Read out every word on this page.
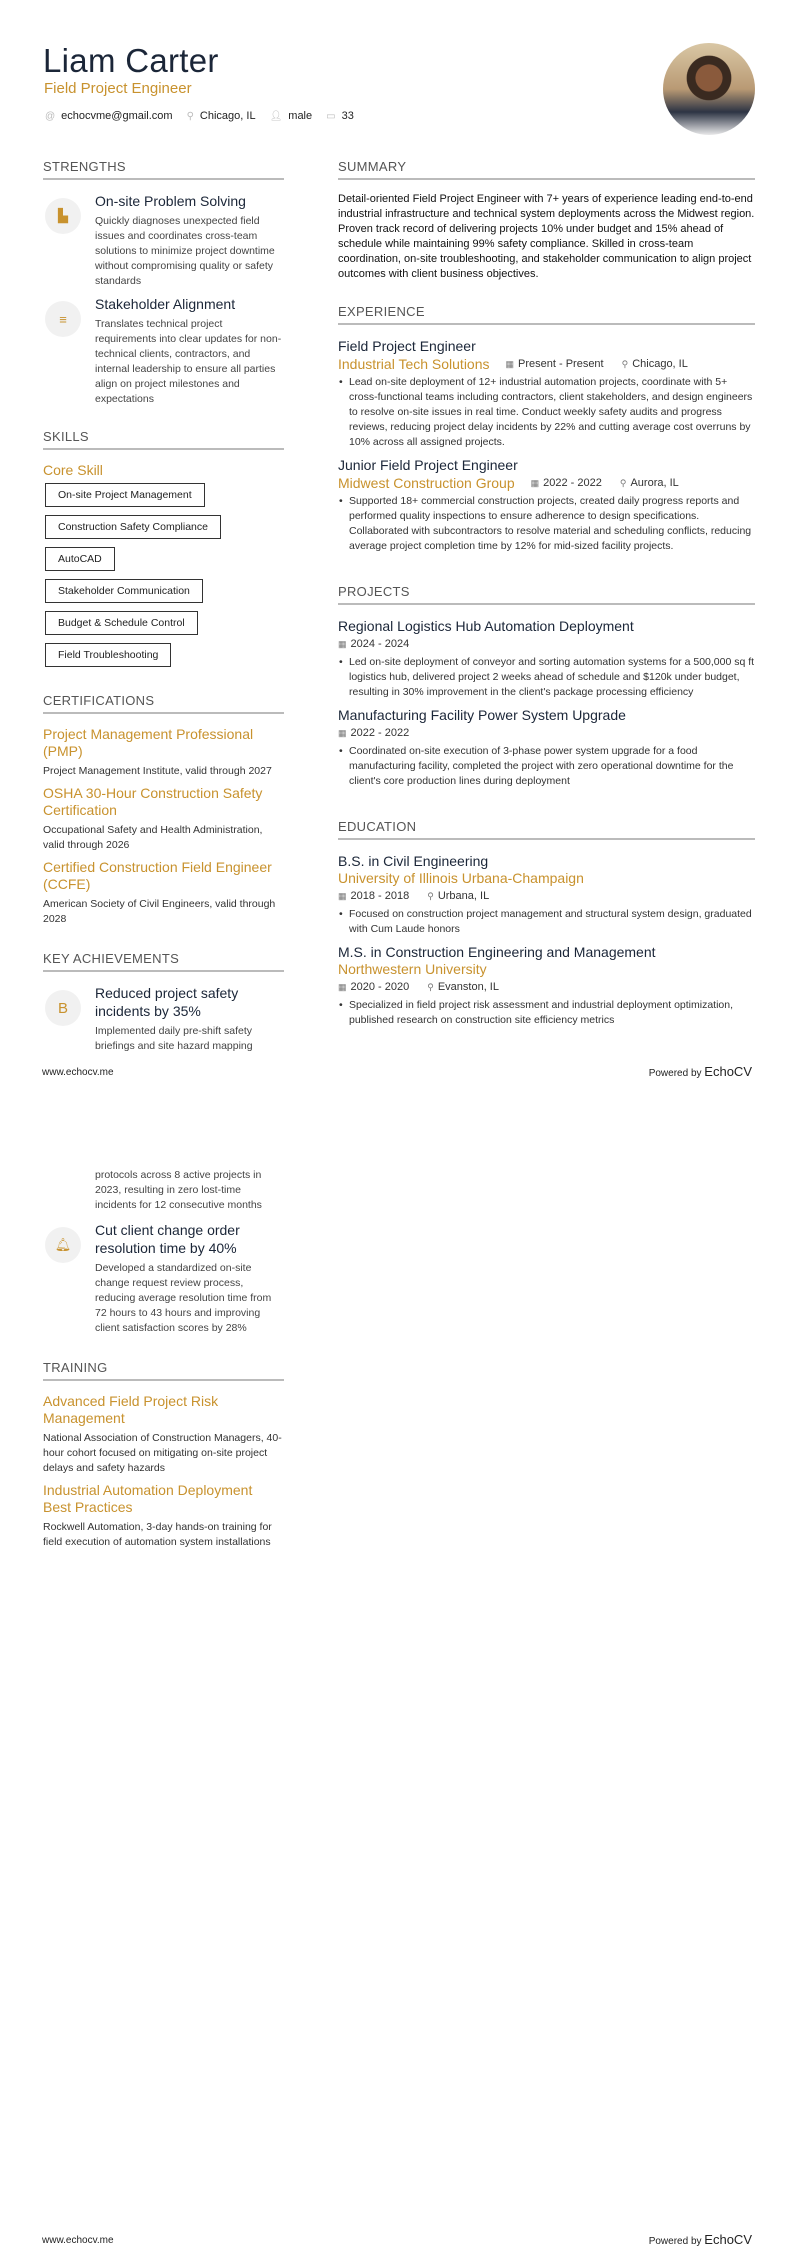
Liam Carter
Field Project Engineer
@ echocvme@gmail.com ⚲ Chicago, IL 👤︎ male ▭ 33
STRENGTHS
▙
On-site Problem Solving
Quickly diagnoses unexpected field issues and coordinates cross-team solutions to minimize project downtime without compromising quality or safety standards
≡
Stakeholder Alignment
Translates technical project requirements into clear updates for non-technical clients, contractors, and internal leadership to ensure all parties align on project milestones and expectations
SKILLS
Core Skill
On-site Project Management
Construction Safety Compliance
AutoCAD
Stakeholder Communication
Budget & Schedule Control
Field Troubleshooting
CERTIFICATIONS
Project Management Professional (PMP)
Project Management Institute, valid through 2027
OSHA 30-Hour Construction Safety Certification
Occupational Safety and Health Administration, valid through 2026
Certified Construction Field Engineer (CCFE)
American Society of Civil Engineers, valid through 2028
KEY ACHIEVEMENTS
B
Reduced project safety incidents by 35%
Implemented daily pre-shift safety briefings and site hazard mapping
SUMMARY
Detail-oriented Field Project Engineer with 7+ years of experience leading end-to-end industrial infrastructure and technical system deployments across the Midwest region. Proven track record of delivering projects 10% under budget and 15% ahead of schedule while maintaining 99% safety compliance. Skilled in cross-team coordination, on-site troubleshooting, and stakeholder communication to align project outcomes with client business objectives.
EXPERIENCE
Field Project Engineer
Industrial Tech Solutions ▦ Present - Present ⚲ Chicago, IL
• Lead on-site deployment of 12+ industrial automation projects, coordinate with 5+ cross-functional teams including contractors, client stakeholders, and design engineers to resolve on-site issues in real time. Conduct weekly safety audits and progress reviews, reducing project delay incidents by 22% and cutting average cost overruns by 10% across all assigned projects.
Junior Field Project Engineer
Midwest Construction Group ▦ 2022 - 2022 ⚲ Aurora, IL
• Supported 18+ commercial construction projects, created daily progress reports and performed quality inspections to ensure adherence to design specifications. Collaborated with subcontractors to resolve material and scheduling conflicts, reducing average project completion time by 12% for mid-sized facility projects.
PROJECTS
Regional Logistics Hub Automation Deployment
▦ 2024 - 2024
• Led on-site deployment of conveyor and sorting automation systems for a 500,000 sq ft logistics hub, delivered project 2 weeks ahead of schedule and $120k under budget, resulting in 30% improvement in the client's package processing efficiency
Manufacturing Facility Power System Upgrade
▦ 2022 - 2022
• Coordinated on-site execution of 3-phase power system upgrade for a food manufacturing facility, completed the project with zero operational downtime for the client's core production lines during deployment
EDUCATION
B.S. in Civil Engineering
University of Illinois Urbana-Champaign
▦ 2018 - 2018 ⚲ Urbana, IL
• Focused on construction project management and structural system design, graduated with Cum Laude honors
M.S. in Construction Engineering and Management
Northwestern University
▦ 2020 - 2020 ⚲ Evanston, IL
• Specialized in field project risk assessment and industrial deployment optimization, published research on construction site efficiency metrics
www.echocv.me	Powered by EchoCV
protocols across 8 active projects in 2023, resulting in zero lost-time incidents for 12 consecutive months
🔔︎
Cut client change order resolution time by 40%
Developed a standardized on-site change request review process, reducing average resolution time from 72 hours to 43 hours and improving client satisfaction scores by 28%
TRAINING
Advanced Field Project Risk Management
National Association of Construction Managers, 40-hour cohort focused on mitigating on-site project delays and safety hazards
Industrial Automation Deployment Best Practices
Rockwell Automation, 3-day hands-on training for field execution of automation system installations
www.echocv.me	Powered by EchoCV
